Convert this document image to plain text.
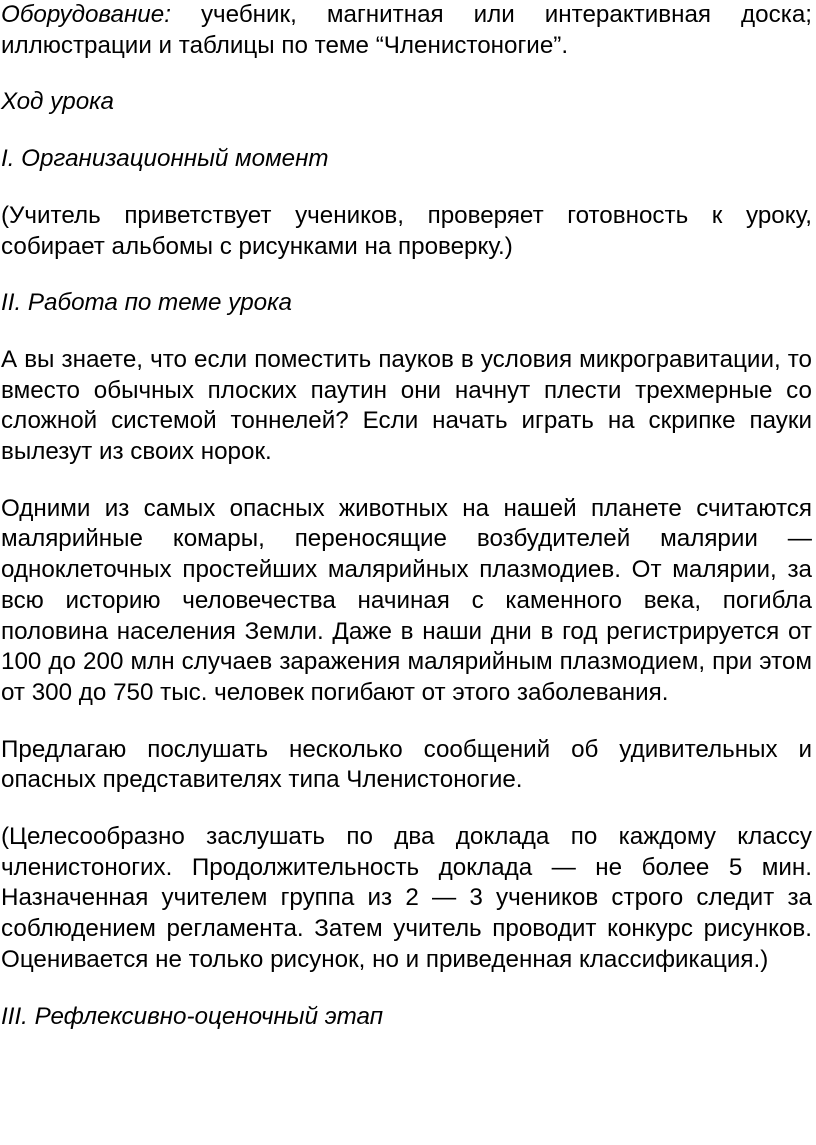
Оборудование: учебник, магнитная или интерактивная доска; иллюстрации и таблицы по теме “Членистоногие”.

Ход урока

I. Организационный момент

(Учитель приветствует учеников, проверяет готовность к уроку, собирает альбомы с рисунками на проверку.)

II. Работа по теме урока

А вы знаете, что если поместить пауков в условия микрогравитации, то вместо обычных плоских паутин они начнут плести трехмерные со сложной системой тоннелей? Если начать играть на скрипке пауки вылезут из своих норок.

Одними из самых опасных животных на нашей планете считаются малярийные комары, переносящие возбудителей малярии — одноклеточных простейших малярийных плазмодиев. От малярии, за всю историю человечества начиная с каменного века, погибла половина населения Земли. Даже в наши дни в год регистрируется от 100 до 200 млн случаев заражения малярийным плазмодием, при этом от 300 до 750 тыс. человек погибают от этого заболевания.

Предлагаю послушать несколько сообщений об удивительных и опасных представителях типа Членистоногие.

(Целесообразно заслушать по два доклада по каждому классу членистоногих. Продолжительность доклада — не более 5 мин. Назначенная учителем группа из 2 — 3 учеников строго следит за соблюдением регламента. Затем учитель проводит конкурс рисунков. Оценивается не только рисунок, но и приведенная классификация.)

III. Рефлексивно-оценочный этап
